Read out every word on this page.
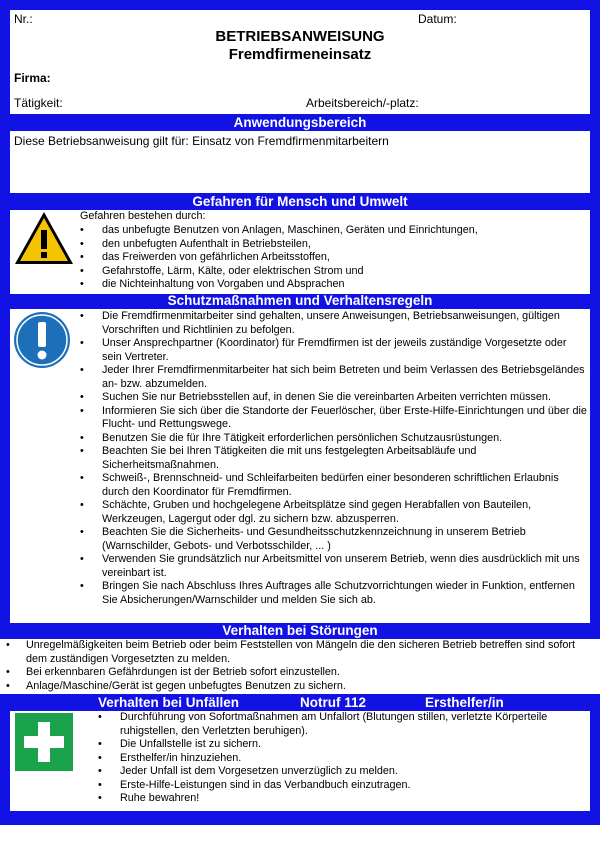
Nr.:	Datum:
BETRIEBSANWEISUNG
Fremdfirmeneinsatz
Firma:
Tätigkeit:	Arbeitsbereich/-platz:
Anwendungsbereich
Diese Betriebsanweisung gilt für: Einsatz von Fremdfirmenmitarbeitern
Gefahren für Mensch und Umwelt
Gefahren bestehen durch:
• das unbefugte Benutzen von Anlagen, Maschinen, Geräten und Einrichtungen,
• den unbefugten Aufenthalt in Betriebsteilen,
• das Freiwerden von gefährlichen Arbeitsstoffen,
• Gefahrstoffe, Lärm, Kälte, oder elektrischen Strom und
• die Nichteinhaltung von Vorgaben und Absprachen
Schutzmaßnahmen und Verhaltensregeln
• Die Fremdfirmenmitarbeiter sind gehalten, unsere Anweisungen, Betriebsanweisungen, gültigen Vorschriften und Richtlinien zu befolgen.
• Unser Ansprechpartner (Koordinator) für Fremdfirmen ist der jeweils zuständige Vorgesetzte oder sein Vertreter.
• Jeder Ihrer Fremdfirmenmitarbeiter hat sich beim Betreten und beim Verlassen des Betriebsgeländes an- bzw. abzumelden.
• Suchen Sie nur Betriebsstellen auf, in denen Sie die vereinbarten Arbeiten verrichten müssen.
• Informieren Sie sich über die Standorte der Feuerlöscher, über Erste-Hilfe-Einrichtungen und über die Flucht- und Rettungswege.
• Benutzen Sie die für Ihre Tätigkeit erforderlichen persönlichen Schutzausrüstungen.
• Beachten Sie bei Ihren Tätigkeiten die mit uns festgelegten Arbeitsabläufe und Sicherheitsmaßnahmen.
• Schweiß-, Brennschneid- und Schleifarbeiten bedürfen einer besonderen schriftlichen Erlaubnis durch den Koordinator für Fremdfirmen.
• Schächte, Gruben und hochgelegene Arbeitsplätze sind gegen Herabfallen von Bauteilen, Werkzeugen, Lagergut oder dgl. zu sichern bzw. abzusperren.
• Beachten Sie die Sicherheits- und Gesundheitsschutzkennzeichnung in unserem Betrieb (Warnschilder, Gebots- und Verbotsschilder, ... )
• Verwenden Sie grundsätzlich nur Arbeitsmittel von unserem Betrieb, wenn dies ausdrücklich mit uns vereinbart ist.
• Bringen Sie nach Abschluss Ihres Auftrages alle Schutzvorrichtungen wieder in Funktion, entfernen Sie Absicherungen/Warnschilder und melden Sie sich ab.
Verhalten bei Störungen
• Unregelmäßigkeiten beim Betrieb oder beim Feststellen von Mängeln die den sicheren Betrieb betreffen sind sofort dem zuständigen Vorgesetzten zu melden.
• Bei erkennbaren Gefährdungen ist der Betrieb sofort einzustellen.
• Anlage/Maschine/Gerät ist gegen unbefugtes Benutzen zu sichern.
Verhalten bei Unfällen	Notruf 112	Ersthelfer/in
• Durchführung von Sofortmaßnahmen am Unfallort (Blutungen stillen, verletzte Körperteile ruhigstellen, den Verletzten beruhigen).
• Die Unfallstelle ist zu sichern.
• Ersthelfer/in hinzuziehen.
• Jeder Unfall ist dem Vorgesetzen unverzüglich zu melden.
• Erste-Hilfe-Leistungen sind in das Verbandbuch einzutragen.
• Ruhe bewahren!
